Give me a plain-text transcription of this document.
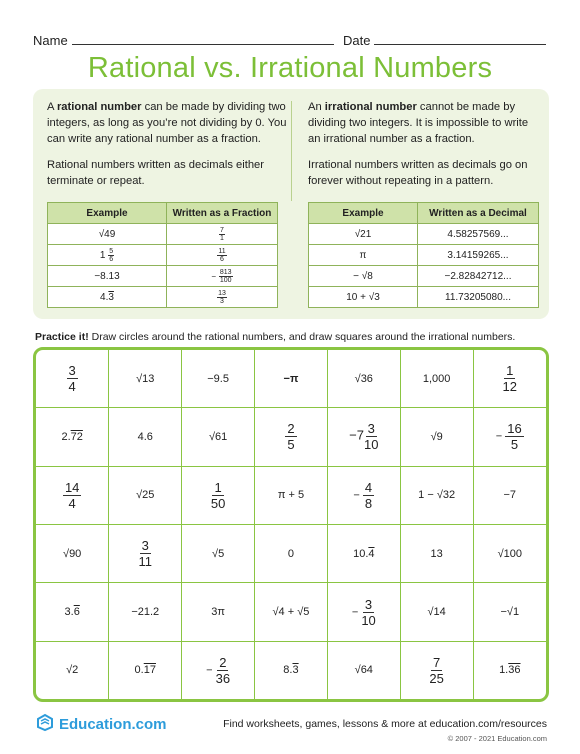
Name	Date
Rational vs. Irrational Numbers

A rational number can be made by dividing two integers, as long as you’re not dividing by 0. You can write any rational number as a fraction.

Rational numbers written as decimals either terminate or repeat.

An irrational number cannot be made by dividing two integers. It is impossible to write an irrational number as a fraction.

Irrational numbers written as decimals go on forever without repeating in a pattern.

Example	Written as a Fraction
√49	$\frac{7}{1}$

$1 \frac{5}{6}$	$\frac{11}{6}$

−8.13	− $\frac{813}{100}$

4.3	$\frac{13}{3}$
Example	Written as a Decimal
√21	4.58257569...
π	3.14159265...
− √8	−2.82842712...
10 + √3	11.73205080...
Practice it! Draw circles around the rational numbers, and draw squares around the irrational numbers.
$\frac{3}{4}$	√13	−9.5	−π	√36	1,000	$\frac{1}{12}$

2.72	4.6	√61	$\frac{2}{5}$	$-7 \frac{3}{10}$	√9	− $\frac{16}{5}$

$\frac{14}{4}$	√25	$\frac{1}{50}$	π + 5	− $\frac{4}{8}$	1 − √32	−7
√90	$\frac{3}{11}$	√5	0	10.4	13	√100
3.6	−21.2	3π	√4 + √5	− $\frac{3}{10}$	√14	−√1
√2	0.17	− $\frac{2}{36}$	8.3	√64	$\frac{7}{25}$	1.36
Education.com	Find worksheets, games, lessons & more at education.com/resources
© 2007 - 2021 Education.com
